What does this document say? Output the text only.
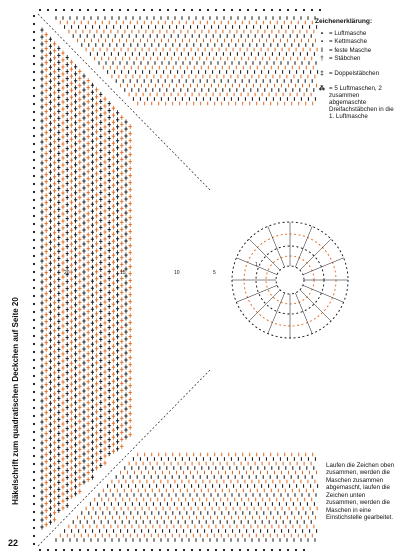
Häkelschrift zum quadratischen Deckchen auf Seite 20
1
5
10
15
20
Zeichenerklärung:
• = Luftmasche
▪ = Kettmasche
I = feste Masche
† = Stäbchen
‡ = Doppelstäbchen
⁂ = 5 Luftmaschen, 2 zusammen abgemaschte Dreifachstäbchen in die 1. Luftmasche
Laufen die Zeichen oben zusammen, werden die Maschen zusammen abgemascht, laufen die Zeichen unten zusammen, werden die Maschen in eine Einstichstelle gearbeitet.
22
